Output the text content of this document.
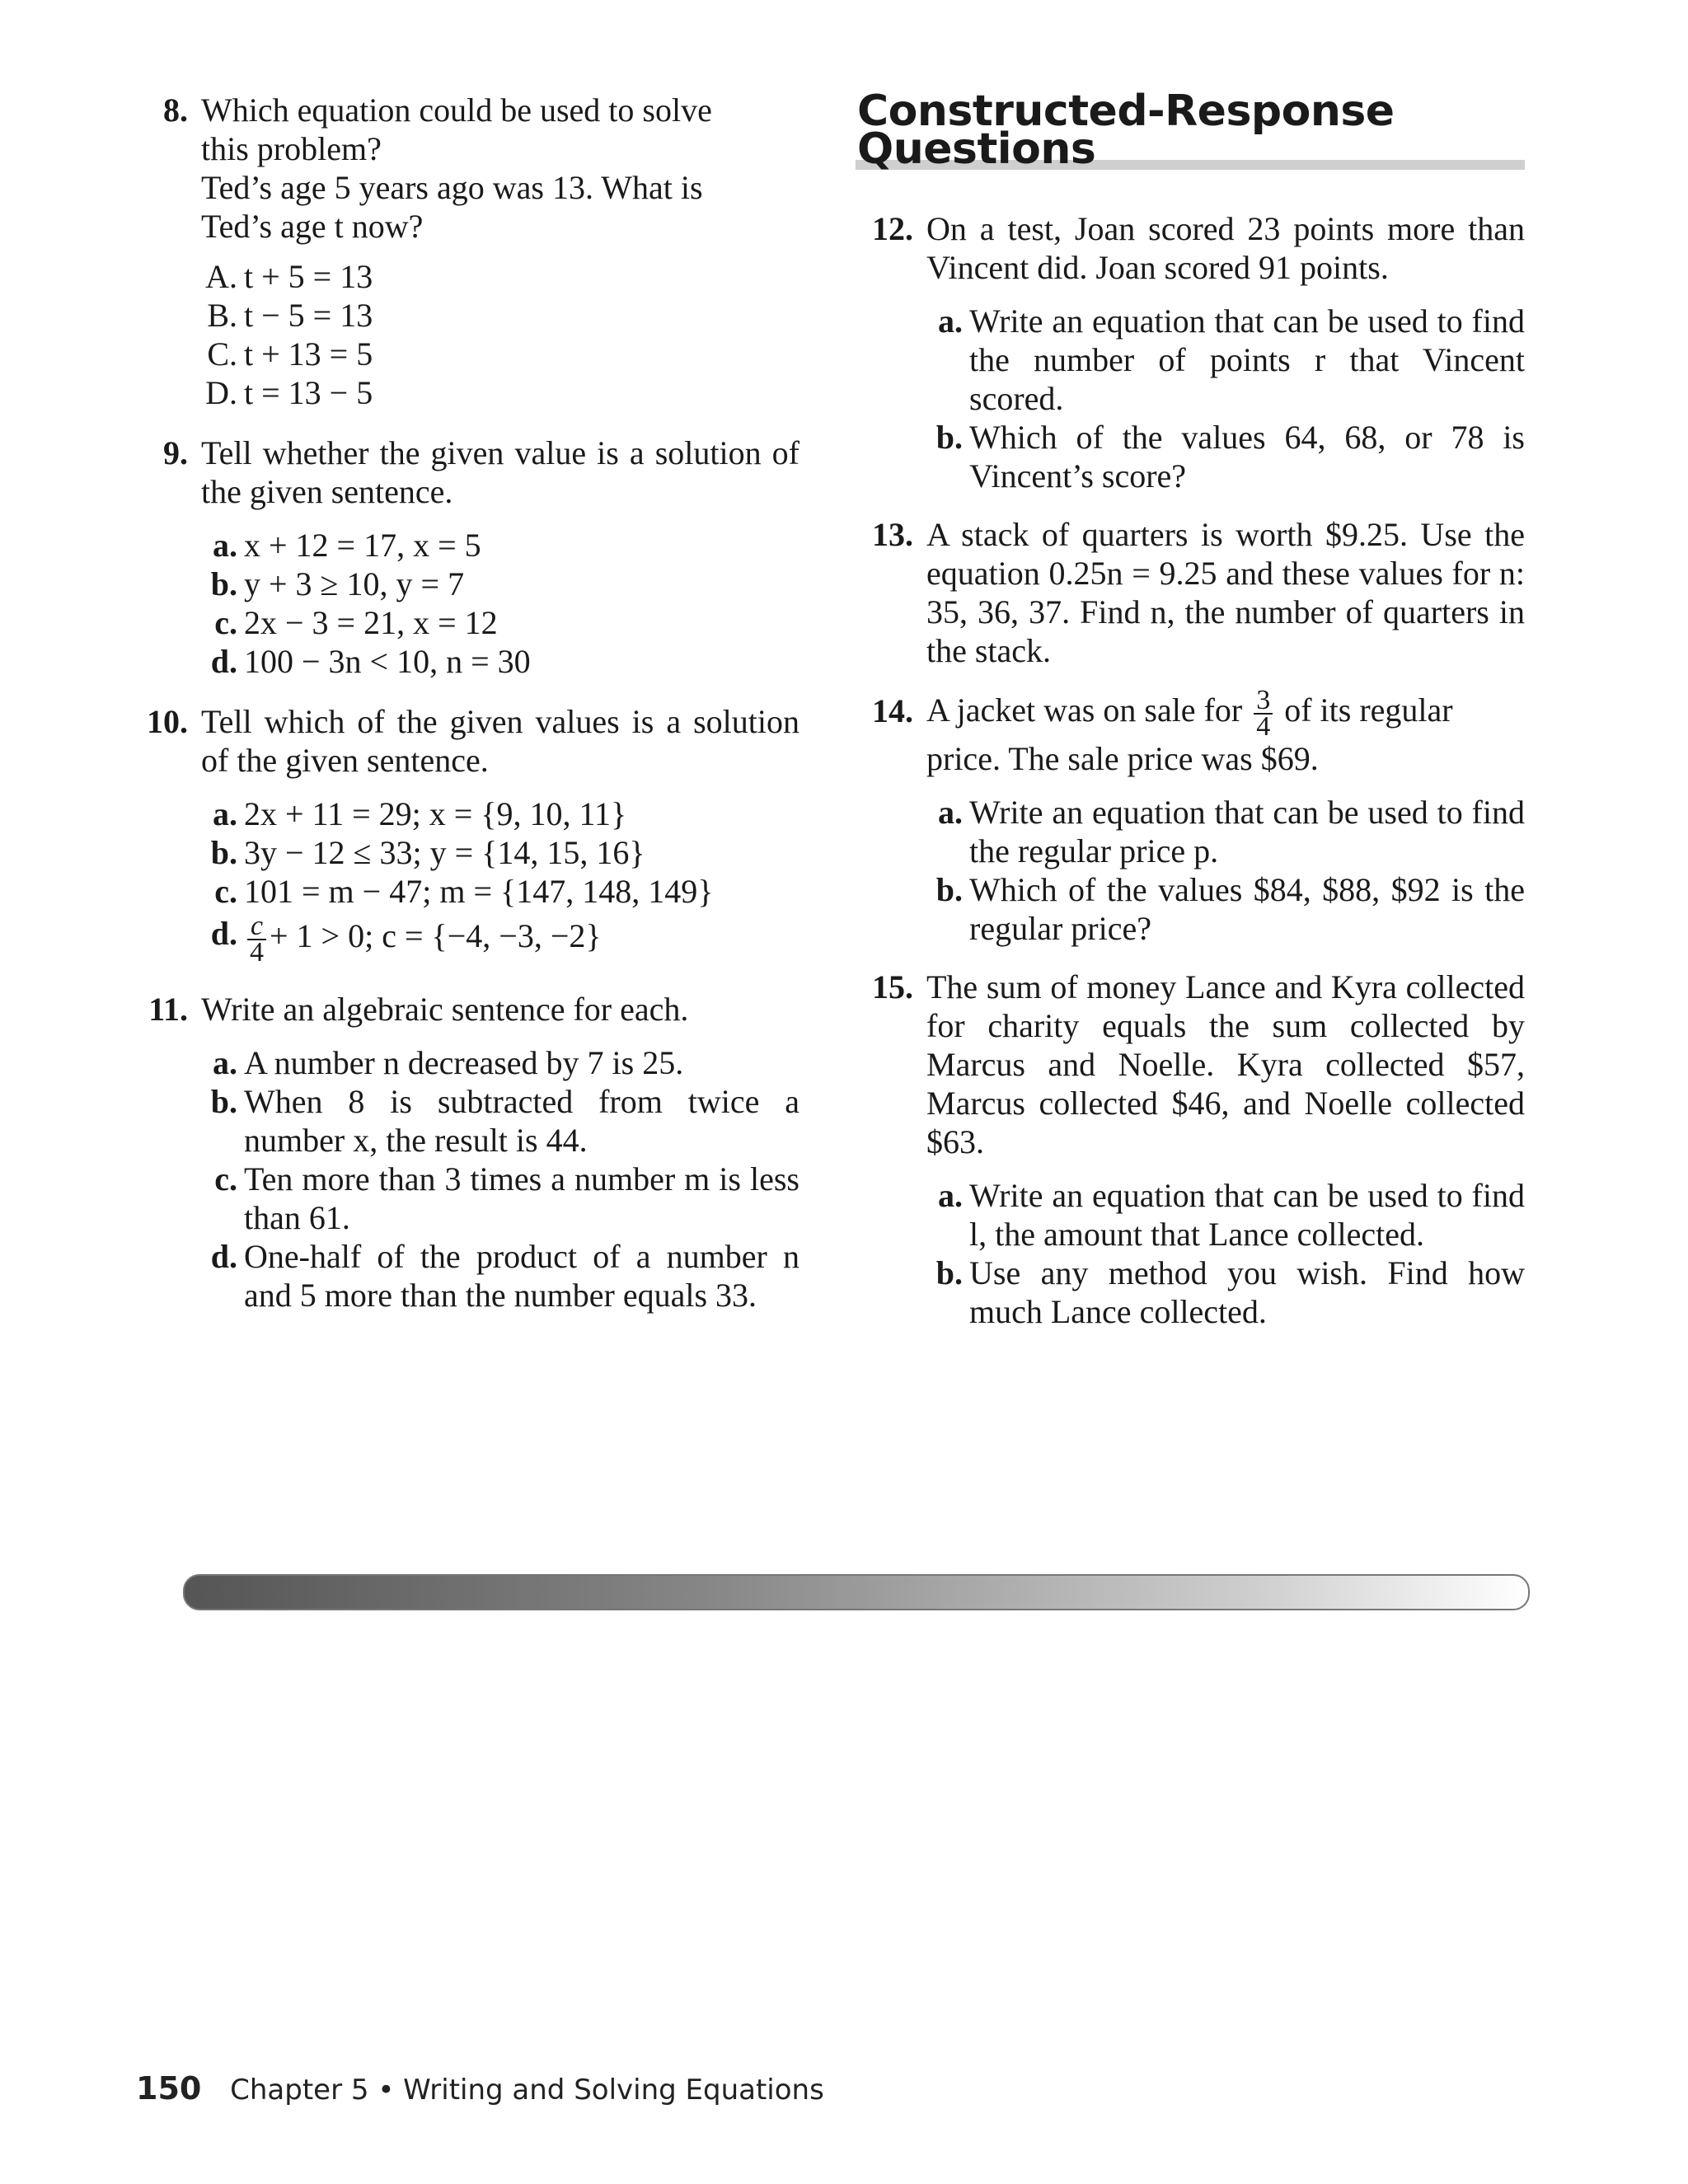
8. Which equation could be used to solve
this problem?
Ted’s age 5 years ago was 13. What is
Ted’s age t now?
A. t + 5 = 13
B. t − 5 = 13
C. t + 13 = 5
D. t = 13 − 5
9. Tell whether the given value is a solution of the given sentence.
a. x + 12 = 17, x = 5
b. y + 3 ≥ 10, y = 7
c. 2x − 3 = 21, x = 12
d. 100 − 3n < 10, n = 30
10. Tell which of the given values is a solution of the given sentence.
a. 2x + 11 = 29; x = {9, 10, 11}
b. 3y − 12 ≤ 33; y = {14, 15, 16}
c. 101 = m − 47; m = {147, 148, 149}
d. $\frac{c}{4} + 1 > 0$; c = {−4, −3, −2}
11. Write an algebraic sentence for each.
a. A number n decreased by 7 is 25.
b. When 8 is subtracted from twice a number x, the result is 44.
c. Ten more than 3 times a number m is less than 61.
d. One-half of the product of a number n and 5 more than the number equals 33.
Constructed-Response
Questions
12. On a test, Joan scored 23 points more than Vincent did. Joan scored 91 points.
a. Write an equation that can be used to find the number of points r that Vincent scored.
b. Which of the values 64, 68, or 78 is Vincent’s score?
13. A stack of quarters is worth $9.25. Use the equation 0.25n = 9.25 and these values for n: 35, 36, 37. Find n, the number of quarters in the stack.
14. A jacket was on sale for $\frac{3}{4}$ of its regular
price. The sale price was $69.
a. Write an equation that can be used to find the regular price p.
b. Which of the values $84, $88, $92 is the regular price?
15. The sum of money Lance and Kyra collected for charity equals the sum collected by Marcus and Noelle. Kyra collected $57, Marcus collected $46, and Noelle collected $63.
a. Write an equation that can be used to find l, the amount that Lance collected.
b. Use any method you wish. Find how much Lance collected.
150 Chapter 5 • Writing and Solving Equations
